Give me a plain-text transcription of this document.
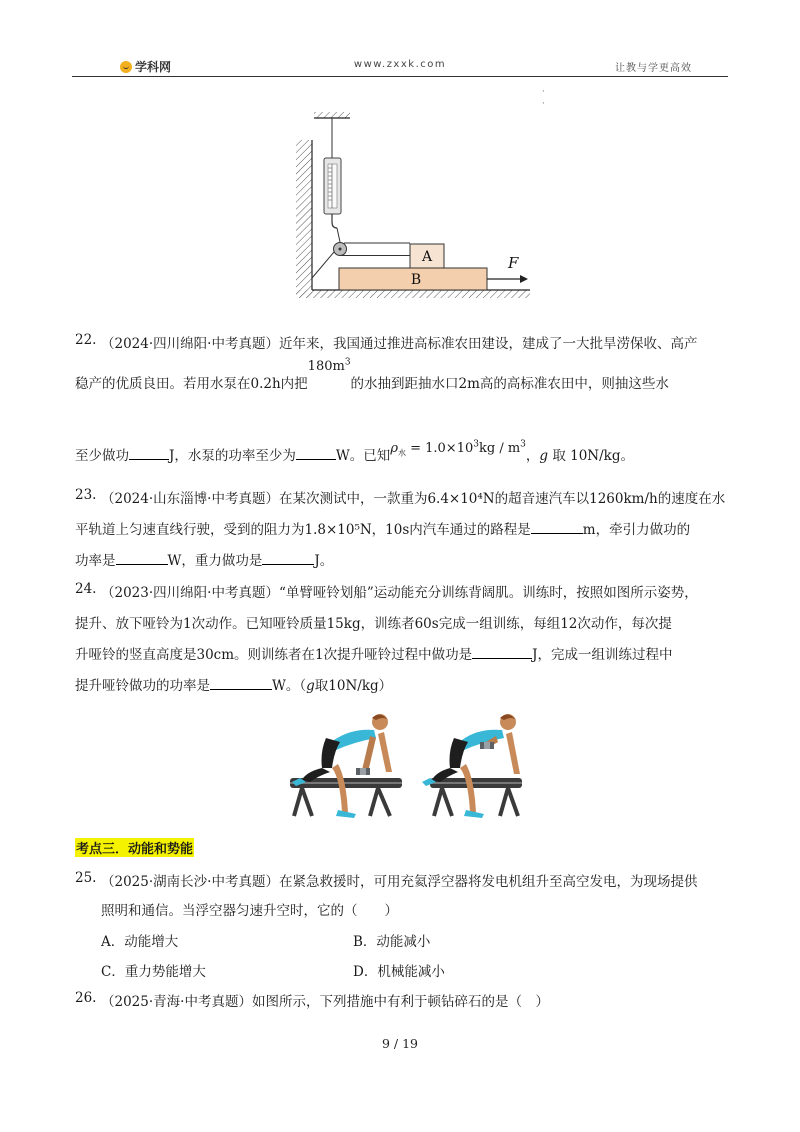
学科网	www.zxxk.com	让教与学更高效
·
·
A
B
F
22. （2024·四川绵阳·中考真题）近年来，我国通过推进高标准农田建设，建成了一大批旱涝保收、高产
稳产的优质良田。若用水泵在0.2h内把$180m^3$的水抽到距抽水口2m高的高标准农田中，则抽这些水
至少做功	J，水泵的功率至少为	W。已知$\rho_水 = 1.0\times 10^3kg / m^3$，g 取 10N/kg。
23. （2024·山东淄博·中考真题）在某次测试中，一款重为6.4×10⁴N的超音速汽车以1260km/h的速度在水
平轨道上匀速直线行驶，受到的阻力为1.8×10⁵N，10s内汽车通过的路程是	m，牵引力做功的
功率是	W，重力做功是	J。
24. （2023·四川绵阳·中考真题）“单臂哑铃划船”运动能充分训练背阔肌。训练时，按照如图所示姿势，
提升、放下哑铃为1次动作。已知哑铃质量15kg，训练者60s完成一组训练，每组12次动作，每次提
升哑铃的竖直高度是30cm。则训练者在1次提升哑铃过程中做功是	J，完成一组训练过程中
提升哑铃做功的功率是	W。（g取10N/kg）
考点三．动能和势能
25. （2025·湖南长沙·中考真题）在紧急救援时，可用充氦浮空器将发电机组升至高空发电，为现场提供
照明和通信。当浮空器匀速升空时，它的（　　）
A．动能增大	B．动能减小
C．重力势能增大	D．机械能减小
26. （2025·青海·中考真题）如图所示，下列措施中有利于顿钻碎石的是（　）
9 / 19
